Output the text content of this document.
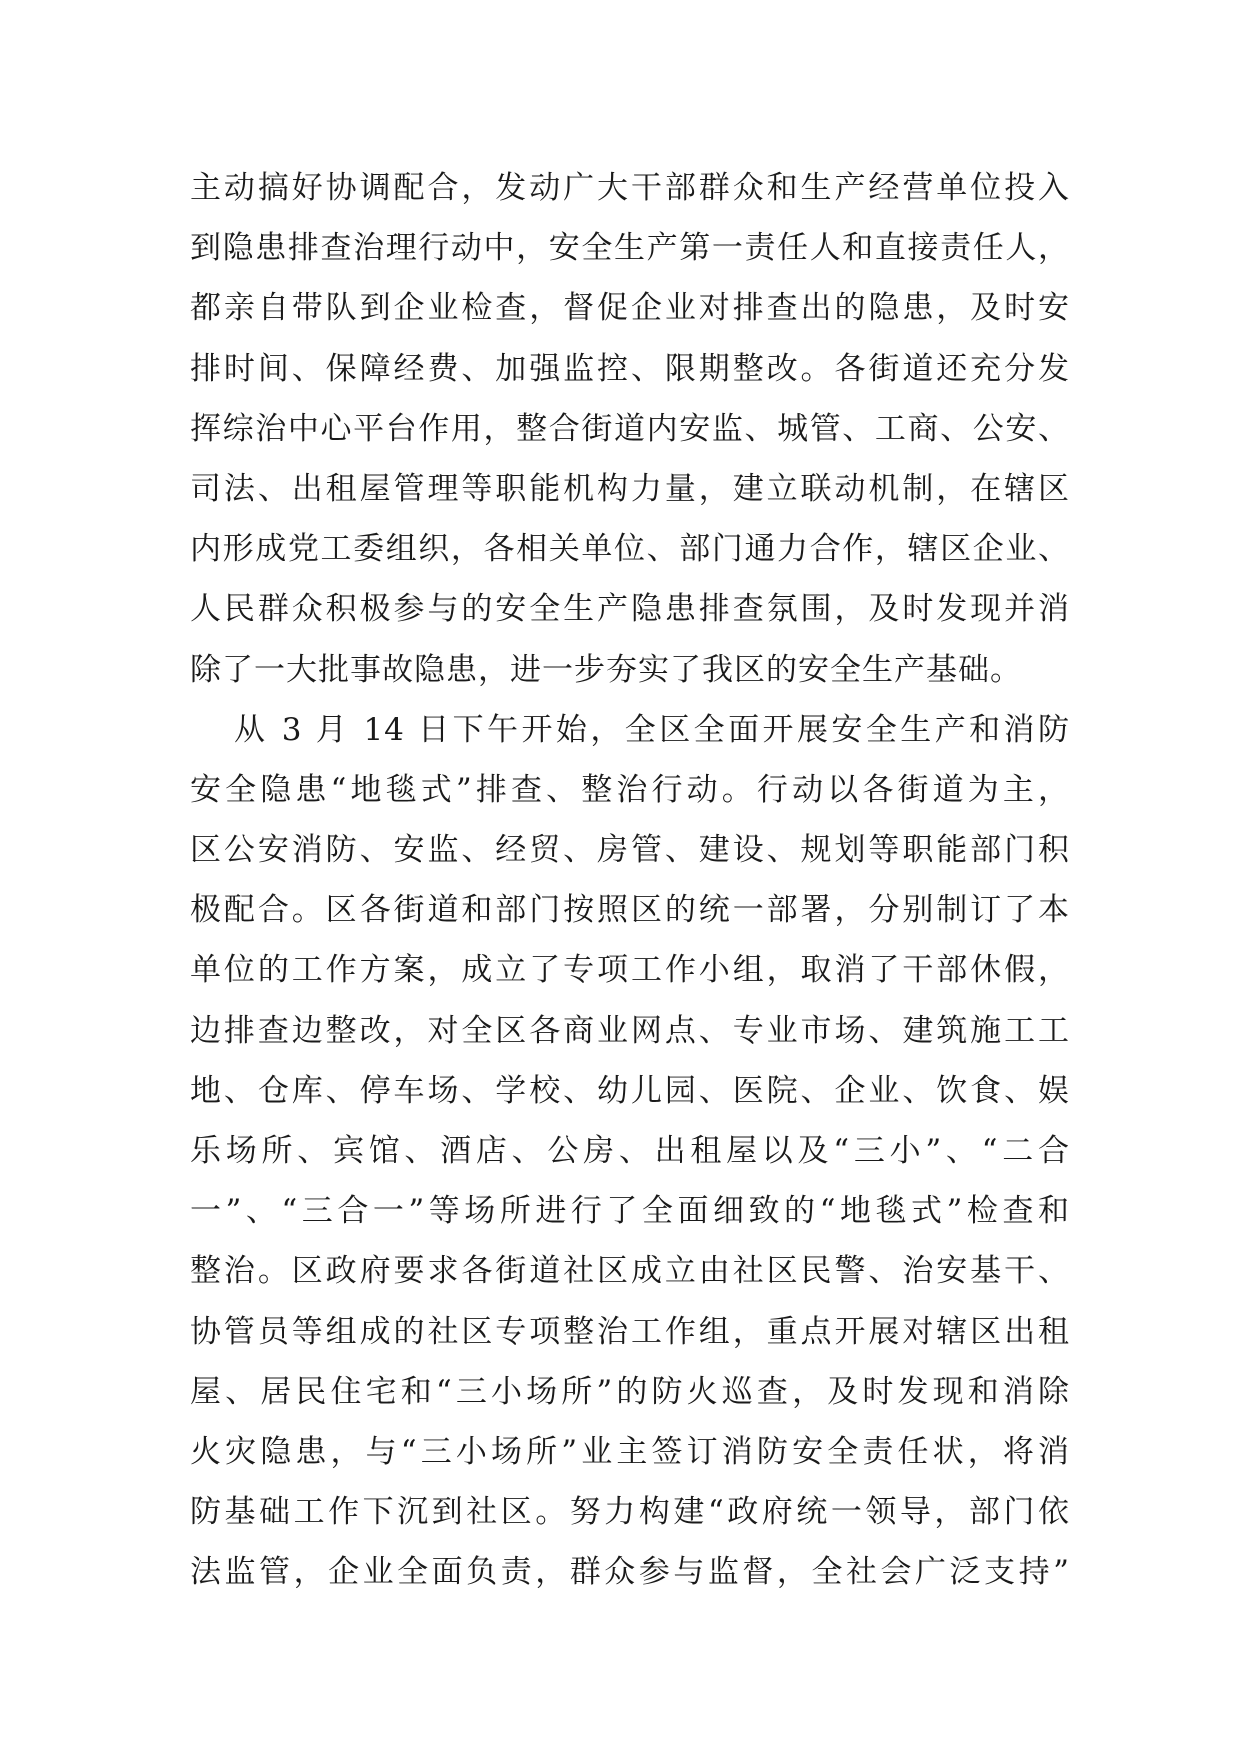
主动搞好协调配合，发动广大干部群众和生产经营单位投入
到隐患排查治理行动中，安全生产第一责任人和直接责任人，
都亲自带队到企业检查，督促企业对排查出的隐患，及时安
排时间、保障经费、加强监控、限期整改。各街道还充分发
挥综治中心平台作用，整合街道内安监、城管、工商、公安、
司法、出租屋管理等职能机构力量，建立联动机制，在辖区
内形成党工委组织，各相关单位、部门通力合作，辖区企业、
人民群众积极参与的安全生产隐患排查氛围，及时发现并消
除了一大批事故隐患，进一步夯实了我区的安全生产基础。
从 3 月 14 日下午开始，全区全面开展安全生产和消防
安全隐患“地毯式”排查、整治行动。行动以各街道为主，
区公安消防、安监、经贸、房管、建设、规划等职能部门积
极配合。区各街道和部门按照区的统一部署，分别制订了本
单位的工作方案，成立了专项工作小组，取消了干部休假，
边排查边整改，对全区各商业网点、专业市场、建筑施工工
地、仓库、停车场、学校、幼儿园、医院、企业、饮食、娱
乐场所、宾馆、酒店、公房、出租屋以及“三小”、“二合
一”、“三合一”等场所进行了全面细致的“地毯式”检查和
整治。区政府要求各街道社区成立由社区民警、治安基干、
协管员等组成的社区专项整治工作组，重点开展对辖区出租
屋、居民住宅和“三小场所”的防火巡查，及时发现和消除
火灾隐患，与“三小场所”业主签订消防安全责任状，将消
防基础工作下沉到社区。努力构建“政府统一领导，部门依
法监管，企业全面负责，群众参与监督，全社会广泛支持”
